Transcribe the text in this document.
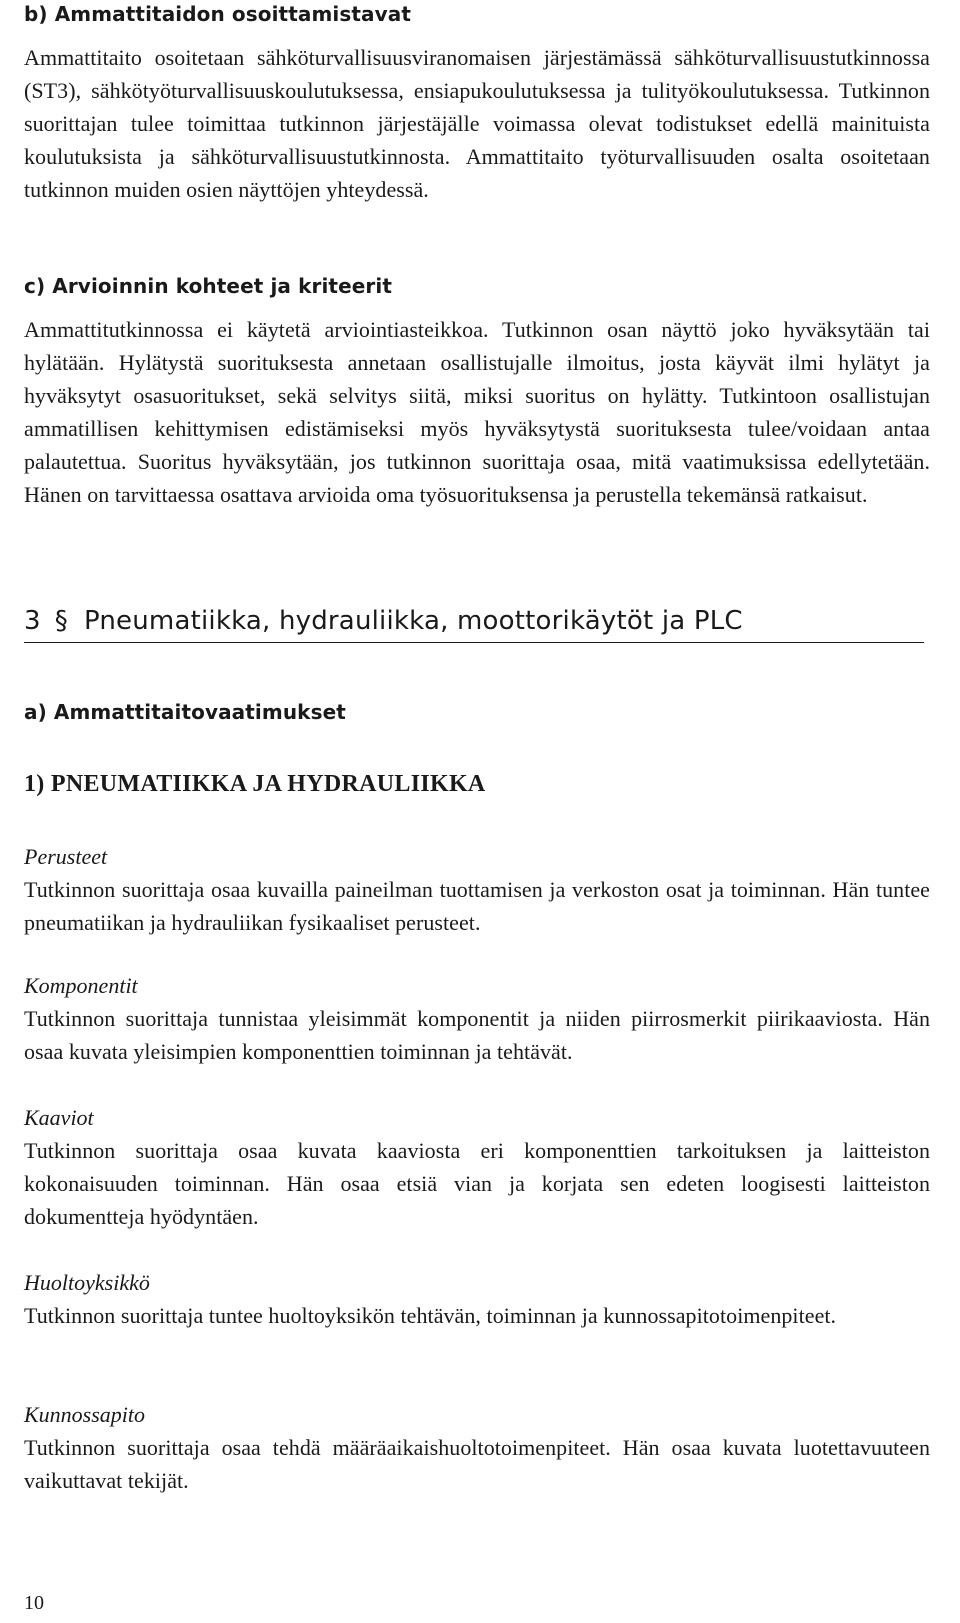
b) Ammattitaidon osoittamistavat

Ammattitaito osoitetaan sähköturvallisuusviranomaisen järjestämässä sähköturvallisuustutkinnossa (ST3), sähkötyöturvallisuuskoulutuksessa, ensiapukoulutuksessa ja tulityökoulutuksessa. Tutkinnon suorittajan tulee toimittaa tutkinnon järjestäjälle voimassa olevat todistukset edellä mainituista koulutuksista ja sähköturvallisuustutkinnosta. Ammattitaito työturvallisuuden osalta osoitetaan tutkinnon muiden osien näyttöjen yhteydessä.

c) Arvioinnin kohteet ja kriteerit

Ammattitutkinnossa ei käytetä arviointiasteikkoa. Tutkinnon osan näyttö joko hyväksytään tai hylätään. Hylätystä suorituksesta annetaan osallistujalle ilmoitus, josta käyvät ilmi hylätyt ja hyväksytyt osasuoritukset, sekä selvitys siitä, miksi suoritus on hylätty. Tutkintoon osallistujan ammatillisen kehittymisen edistämiseksi myös hyväksytystä suorituksesta tulee/voidaan antaa palautettua. Suoritus hyväksytään, jos tutkinnon suorittaja osaa, mitä vaatimuksissa edellytetään. Hänen on tarvittaessa osattava arvioida oma työsuorituksensa ja perustella tekemänsä ratkaisut.

3 § Pneumatiikka, hydrauliikka, moottorikäytöt ja PLC
a) Ammattitaitovaatimukset
1) PNEUMATIIKKA JA HYDRAULIIKKA

Perusteet

Tutkinnon suorittaja osaa kuvailla paineilman tuottamisen ja verkoston osat ja toiminnan. Hän tuntee pneumatiikan ja hydrauliikan fysikaaliset perusteet.

Komponentit

Tutkinnon suorittaja tunnistaa yleisimmät komponentit ja niiden piirrosmerkit piirikaaviosta. Hän osaa kuvata yleisimpien komponenttien toiminnan ja tehtävät.

Kaaviot

Tutkinnon suorittaja osaa kuvata kaaviosta eri komponenttien tarkoituksen ja laitteiston kokonaisuuden toiminnan. Hän osaa etsiä vian ja korjata sen edeten loogisesti laitteiston dokumentteja hyödyntäen.

Huoltoyksikkö

Tutkinnon suorittaja tuntee huoltoyksikön tehtävän, toiminnan ja kunnossapitotoimenpiteet.

Kunnossapito

Tutkinnon suorittaja osaa tehdä määräaikaishuoltotoimenpiteet. Hän osaa kuvata luotettavuuteen vaikuttavat tekijät.

10
